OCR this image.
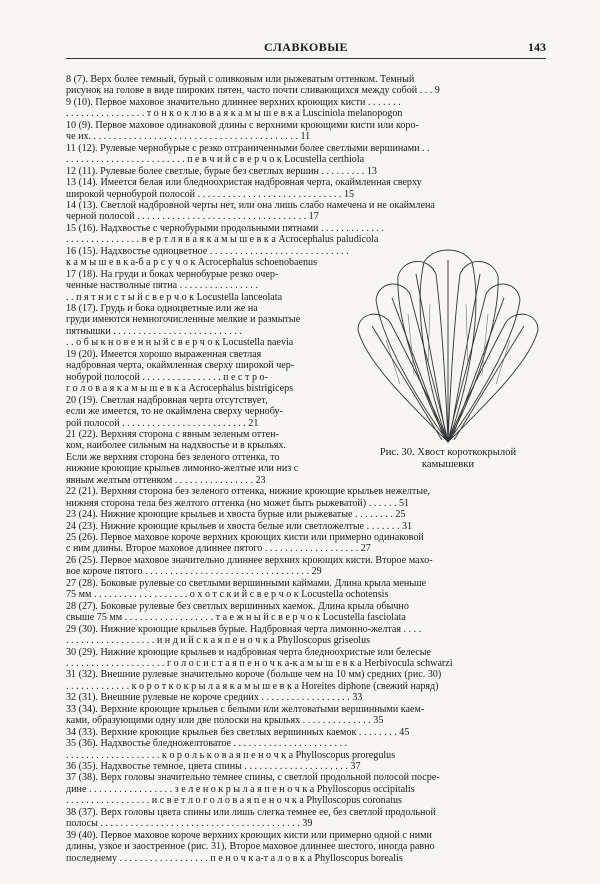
СЛАВКОВЫЕ	143
8 (7). Верх более темный, бурый с оливковым или рыжеватым оттенком. Темный
рисунок на голове в виде широких пятен, часто почти сливающихся между собой . . . 9
9 (10). Первое маховое значительно длиннее верхних кроющих кисти . . . . . . .
. . . . . . . . . . . . . . . . т о н к о к л ю в а я к а м ы ш е в к а Lusciniola melanopogon
10 (9). Первое маховое одинаковой длины с верхними кроющими кисти или коро-
че их. . . . . . . . . . . . . . . . . . . . . . . . . . . . . . . . . . . . . . . . . . 11
11 (12). Рулевые чернобурые с резко отграниченными более светлыми вершинами . .
. . . . . . . . . . . . . . . . . . . . . . . . п е в ч и й с в е р ч о к Locustella certhiola
12 (11). Рулевые более светлые, бурые без светлых вершин . . . . . . . . . 13
13 (14). Имеется белая или бледноохристая надбровная черта, окаймленная сверху
широкой чернобурой полосой . . . . . . . . . . . . . . . . . . . . . . . . . . . . . 15
14 (13). Светлой надбровной черты нет, или она лишь слабо намечена и не окаймлена
черной полосой . . . . . . . . . . . . . . . . . . . . . . . . . . . . . . . . . . 17
15 (16). Надхвостье с чернобурыми продольными пятнами . . . . . . . . . . . . .
. . . . . . . . . . . . . . . в е р т л я в а я к а м ы ш е в к а Acrocephalus paludicola
16 (15). Надхвостье одноцветное . . . . . . . . . . . . . . . . . . . . . . . . . . . .
к а м ы ш е в к а-б а р с у ч о к Acrocephalus schoenobaenus
17 (18). На груди и боках чернобурые резко очер-
ченные настволные пятна . . . . . . . . . . . . . . . .
. . п я т н и с т ы й с в е р ч о к Locustella lanceolata
18 (17). Грудь и бока одноцветные или же на
груди имеются немногочисленные мелкие и размытые
пятнышки . . . . . . . . . . . . . . . . . . . . . . . . . .
. . о б ы к н о в е н н ы й с в е р ч о к Locustella naevia
19 (20). Имеется хорошо выраженная светлая
надбровная черта, окаймленная сверху широкой чер-
нобурой полосой . . . . . . . . . . . . . . . . п е с т р о-
г о л о в а я к а м ы ш е в к а Acrocephalus bistrigiceps
20 (19). Светлая надбровная черта отсутствует,
если же имеется, то не окаймлена сверху чернобу-
рой полосой . . . . . . . . . . . . . . . . . . . . . . . . . 21
21 (22). Верхняя сторона с явным зеленым оттен-
ком, наиболее сильным на надхвостье и в крыльях.
Если же верхняя сторона без зеленого оттенка, то
нижние кроющие крыльев лимонно-желтые или низ с
явным желтым оттенком . . . . . . . . . . . . . . . . 23
22 (21). Верхняя сторона без зеленого оттенка, нижние кроющие крыльев нежелтые,
нижняя сторона тела без желтого оттенка (но может быть рыжеватой) . . . . . . 51
23 (24). Нижние кроющие крыльев и хвоста бурые или рыжеватые . . . . . . . . 25
24 (23). Нижние кроющие крыльев и хвоста белые или светложелтые . . . . . . . 31
25 (26). Первое маховое короче верхних кроющих кисти или примерно одинаковой
с ним длины. Второе маховое длиннее пятого . . . . . . . . . . . . . . . . . . . 27
26 (25). Первое маховое значительно длиннее верхних кроющих кисти. Второе махо-
вое короче пятого . . . . . . . . . . . . . . . . . . . . . . . . . . . . . . . . . 29
27 (28). Боковые рулевые со светлыми вершинными каймами. Длина крыла меньше
75 мм . . . . . . . . . . . . . . . . . . . о х о т с к и й с в е р ч о к Locustella ochotensis
28 (27). Боковые рулевые без светлых вершинных каемок. Длина крыла обычно
свыше 75 мм . . . . . . . . . . . . . . . . . . т а е ж н ы й с в е р ч о к Locustella fasciolata
29 (30). Нижние кроющие крыльев бурые. Надбровная черта лимонно-желтая . . . .
. . . . . . . . . . . . . . . . . . и н д и й с к а я п е н о ч к а Phylloscopus griseolus
30 (29). Нижние кроющие крыльев и надбровная черта бледноохристые или белесые
. . . . . . . . . . . . . . . . . . . . г о л о с и с т а я п е н о ч к а-к а м ы ш е в к а Herbivocula schwarzi
31 (32). Внешние рулевые значительно короче (больше чем на 10 мм) средних (рис. 30)
. . . . . . . . . . . . . к о р о т к о к р ы л а я к а м ы ш е в к а Horeites diphone (свежий наряд)
32 (31). Внешние рулевые не короче средних . . . . . . . . . . . . . . . . . . 33
33 (34). Верхние кроющие крыльев с белыми или желтоватыми вершинными каем-
ками, образующими одну или две полоски на крыльях . . . . . . . . . . . . . . 35
34 (33). Верхние кроющие крыльев без светлых вершинных каемок . . . . . . . . 45
35 (36). Надхвостье бледножелтоватое . . . . . . . . . . . . . . . . . . . . . . .
. . . . . . . . . . . . . . . . . . . к о р о л ь к о в а я п е н о ч к а Phylloscopus proregulus
36 (35). Надхвостье темное, цвета спины . . . . . . . . . . . . . . . . . . . . . 37
37 (38). Верх головы значительно темнее спины, с светлой продольной полосой посре-
дине . . . . . . . . . . . . . . . . . з е л е н о к р ы л а я п е н о ч к а Phylloscopus occipitalis
. . . . . . . . . . . . . . . . . и с в е т л о г о л о в а я п е н о ч к а Phylloscopus coronatus
38 (37). Верх головы цвета спины или лишь слегка темнее ее, без светлой продольной
полосы . . . . . . . . . . . . . . . . . . . . . . . . . . . . . . . . . . . . . . . . 39
39 (40). Первое маховое короче верхних кроющих кисти или примерно одной с ними
длины, узкое и заостренное (рис. 31). Второе маховое длиннее шестого, иногда равно
последнему . . . . . . . . . . . . . . . . . . п е н о ч к а-т а л о в к а Phylloscopus borealis
Рис. 30. Хвост короткокрылой
камышевки
